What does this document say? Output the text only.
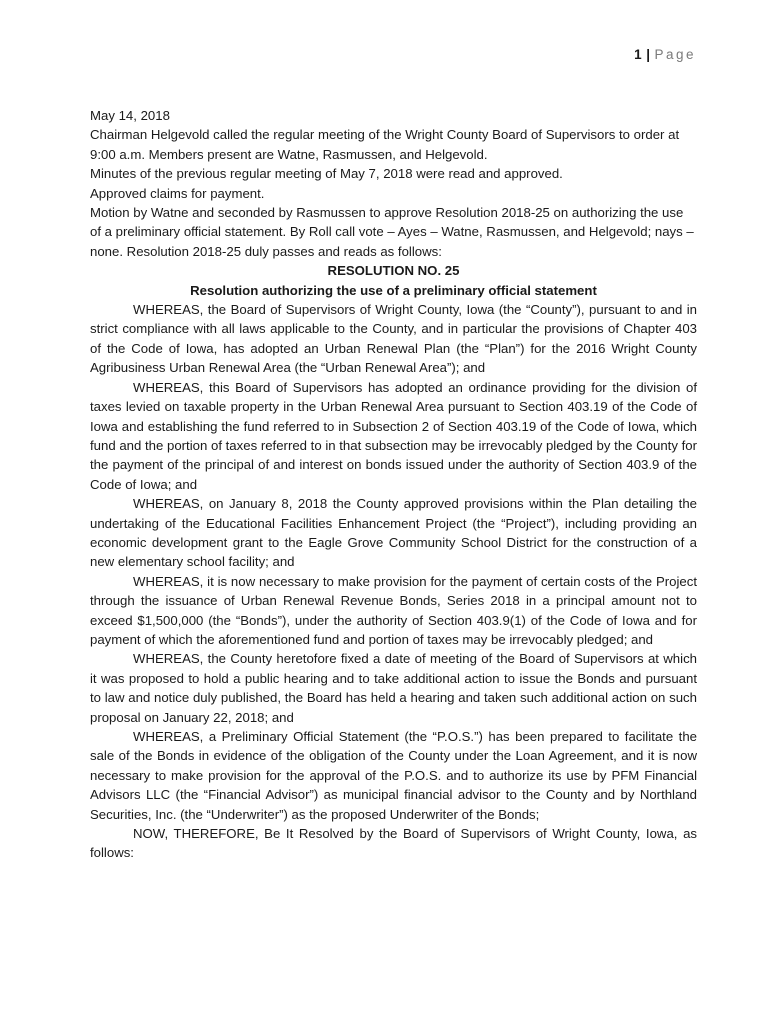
1 | Page

May 14, 2018

Chairman Helgevold called the regular meeting of the Wright County Board of Supervisors to order at 9:00 a.m. Members present are Watne, Rasmussen, and Helgevold.

Minutes of the previous regular meeting of May 7, 2018 were read and approved.

Approved claims for payment.

Motion by Watne and seconded by Rasmussen to approve Resolution 2018-25 on authorizing the use of a preliminary official statement. By Roll call vote – Ayes – Watne, Rasmussen, and Helgevold; nays – none. Resolution 2018-25 duly passes and reads as follows:

RESOLUTION NO. 25

Resolution authorizing the use of a preliminary official statement

WHEREAS, the Board of Supervisors of Wright County, Iowa (the “County”), pursuant to and in strict compliance with all laws applicable to the County, and in particular the provisions of Chapter 403 of the Code of Iowa, has adopted an Urban Renewal Plan (the “Plan”) for the 2016 Wright County Agribusiness Urban Renewal Area (the “Urban Renewal Area”); and

WHEREAS, this Board of Supervisors has adopted an ordinance providing for the division of taxes levied on taxable property in the Urban Renewal Area pursuant to Section 403.19 of the Code of Iowa and establishing the fund referred to in Subsection 2 of Section 403.19 of the Code of Iowa, which fund and the portion of taxes referred to in that subsection may be irrevocably pledged by the County for the payment of the principal of and interest on bonds issued under the authority of Section 403.9 of the Code of Iowa; and

WHEREAS, on January 8, 2018 the County approved provisions within the Plan detailing the undertaking of the Educational Facilities Enhancement Project (the “Project”), including providing an economic development grant to the Eagle Grove Community School District for the construction of a new elementary school facility; and

WHEREAS, it is now necessary to make provision for the payment of certain costs of the Project through the issuance of Urban Renewal Revenue Bonds, Series 2018 in a principal amount not to exceed $1,500,000 (the “Bonds”), under the authority of Section 403.9(1) of the Code of Iowa and for payment of which the aforementioned fund and portion of taxes may be irrevocably pledged; and

WHEREAS, the County heretofore fixed a date of meeting of the Board of Supervisors at which it was proposed to hold a public hearing and to take additional action to issue the Bonds and pursuant to law and notice duly published, the Board has held a hearing and taken such additional action on such proposal on January 22, 2018; and

WHEREAS, a Preliminary Official Statement (the “P.O.S.”) has been prepared to facilitate the sale of the Bonds in evidence of the obligation of the County under the Loan Agreement, and it is now necessary to make provision for the approval of the P.O.S. and to authorize its use by PFM Financial Advisors LLC (the “Financial Advisor”) as municipal financial advisor to the County and by Northland Securities, Inc. (the “Underwriter”) as the proposed Underwriter of the Bonds;

NOW, THEREFORE, Be It Resolved by the Board of Supervisors of Wright County, Iowa, as follows:
